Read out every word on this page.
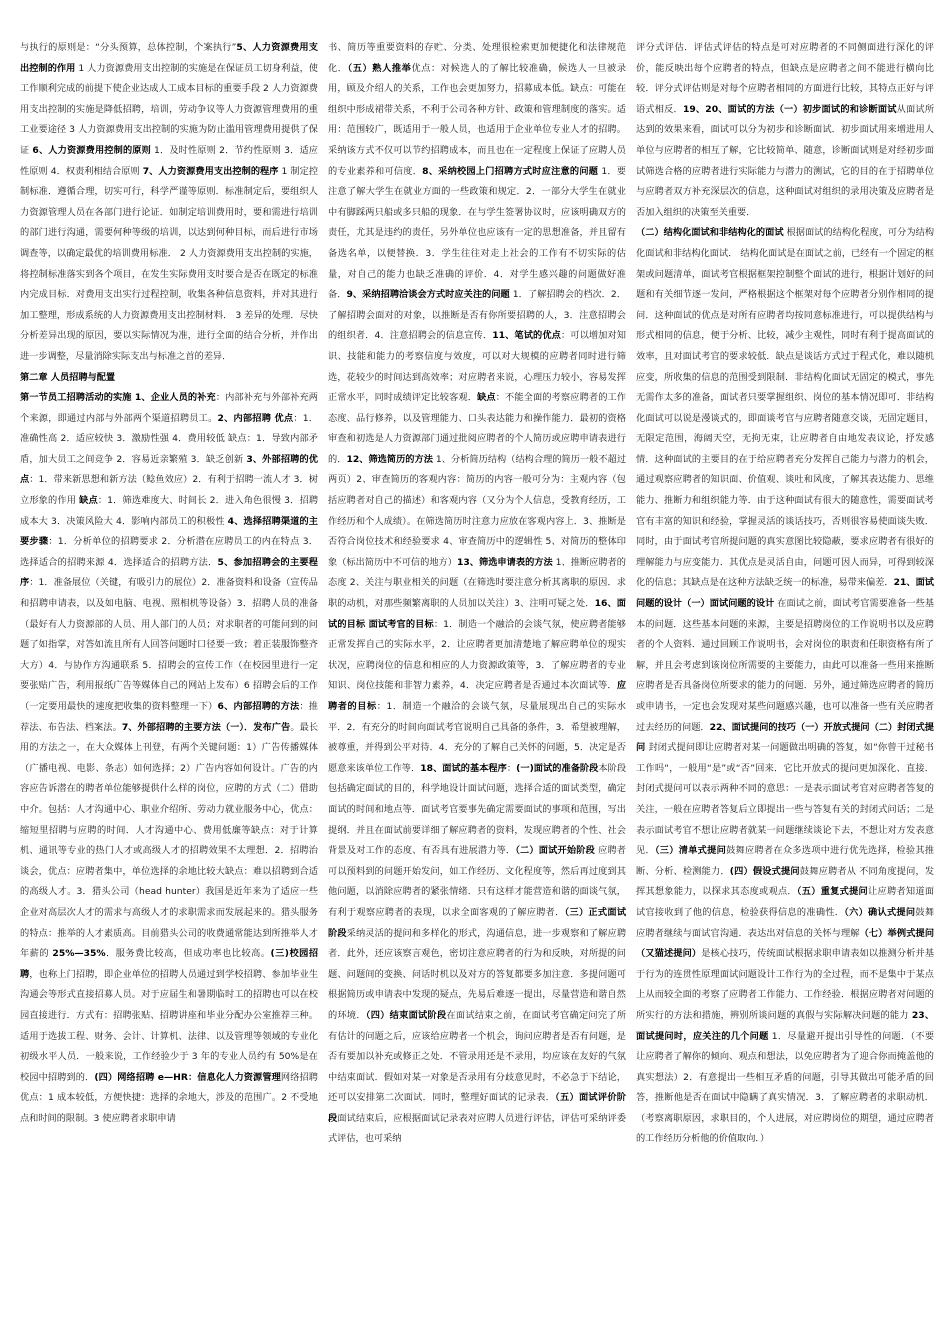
与执行的原则是：“分头预算，总体控制，个案执行”5、人力资源费用支出控制的作用 1 人力资源费用支出控制的实施是在保证员工切身利益，使工作顺利完成的前提下使企业达成人工成本目标的重要手段 2 人力资源费用支出控制的实施是降低招聘，培训，劳动争议等人力资源管理费用的重工业要途径 3 人力资源费用支出控制的实施为防止滥用管理费用提供了保证 6、人力资源费用控制的原则 1．及时性原则 2．节约性原则 3．适应性原则 4．权责利相结合原则 7、人力资源费用支出控制的程序 1 制定控制标准．遵循合理，切实可行，科学严谨等原则．标准制定后，要组织人力资源管理人员在各部门进行论证．如制定培训费用时，要和需进行培训的部门进行沟通，需要何种等级的培训，以达到何种目标，而后进行市场调查等，以确定最优的培训费用标准． 2 人力资源费用支出控制的实施，将控制标准落实到各个项目，在发生实际费用支时要合是否在既定的标准内完成目标．对费用支出实行过程控制，收集各种信息资料，并对其进行加工整理，形成系统的人力资源费用支出控制材料． 3 差异的处理．尽快分析差异出现的原因，要以实际情况为准，进行全面的结合分析，并作出进一步调整，尽量消除实际支出与标准之首的差异．

第二章 人员招聘与配置

第一节员工招聘活动的实施 1、企业人员的补充：内部补充与外部补充两个来源，即通过内部与外部两个渠道招聘员工。2、内部招聘 优点：1．准确性高 2．适应较快 3．激励性强 4．费用较低 缺点：1．导致内部矛盾，加大员工之间竞争 2．容易近亲繁殖 3．缺乏创新 3、外部招聘的优点：1．带来新思想和新方法（鲶鱼效应）2．有利于招聘一流人才 3．树立形象的作用 缺点：1．筛选难度大、时间长 2．进入角色很慢 3．招聘成本大 3．决策风险大 4．影响内部员工的积极性 4、选择招聘渠道的主要步骤：1．分析单位的招聘要求 2．分析潜在应聘员工的内在特点 3．选择适合的招聘来源 4．选择适合的招聘方法．5、参加招聘会的主要程序：1．准备展位（关键，有吸引力的展位）2．准备资料和设备（宣传品和招聘申请表，以及如电脑、电视、照相机等设备）3．招聘人员的准备（最好有人力资源部的人员、用人部门的人员；对求职者的可能问到的问题了如指掌，对答如流且所有人回答问题时口径要一致；着正装服饰整齐大方）4．与协作方沟通联系 5．招聘会的宣传工作（在校园里进行一定要张贴广告，利用报纸广告等媒体自己的网站上发布）6 招聘会后的工作（一定要用最快的速度把收集的资料整理一下）6、内部招聘的方法：推荐法、布告法、档案法。7、外部招聘的主要方法（一）．发布广告。最长用的方法之一，在大众媒体上刊登，有两个关键问题：1）广告传播媒体（广播电视、电影、条志）如何选择；2）广告内容如何设计。广告的内容应告诉潜在的聘者单位能够提供什么样的岗位，应聘的方式（二）借助中介。包括：人才沟通中心、职业介绍所、劳动力就业服务中心，优点：缩短里招聘与应聘的时间．人才沟通中心、费用低廉等缺点：对于计算机、通讯等专业的热门人才或高级人才的招聘效果不太理想．2．招聘治谈会，优点：应聘者集中，单位选择的余地比较大缺点：难以招聘到合适的高级人才。3．猎头公司（head hunter）我国是近年来为了适应一些企业对高层次人才的需求与高级人才的求职需求而发展起来的。猎头服务的特点：推举的人才素质高。目前猎头公司的收费通常能达到所推举人才年薪的 25%—35%．服务费比较高，但成功率也比较高。(三)校园招聘，也称上门招聘，即企业单位的招聘人员通过到学校招聘、参加毕业生沟通会等形式直接招募人员。对于应届生和暑期临时工的招聘也可以在校园直接进行．方式有：招聘张贴、招聘讲座和毕业分配办公室推荐三种。适用于选拔工程、财务、会计、计算机、法律、以及管理等领域的专业化初级水平人员．一般来说，工作经验少于 3 年的专业人员约有 50%是在校园中招聘到的．(四）网络招聘 e—HR：信息化人力资源管理网络招聘优点：1 成本较低，方便快捷：选择的余地大，涉及的范围广。2 不受地点和时间的限制。3 使应聘者求职申请

书、简历等重要资料的存贮、分类、处理很检索更加便捷化和法律规范化．（五）熟人推举优点：对候选人的了解比较准确，候选人一旦被录用，顾及介绍人的关系，工作也会更加努力，招募成本低。缺点：可能在组织中形成裙带关系，不利于公司各种方针、政策和管理制度的落实。适用：范围较广，既适用于一般人员，也适用于企业单位专业人才的招聘。采纳该方式不仅可以节约招聘成本，而且也在一定程度上保证了应聘人员的专业素养和可信度．8、采纳校园上门招聘方式时应注意的问题 1．要注意了解大学生在就业方面的一些政策和规定．2．一部分大学生在就业中有脚踩两只船或多只船的现象．在与学生签署协议时，应该明确双方的责任，尤其是违约的责任，另外单位也应该有一定的思想准备，并且留有备选名单，以便替换．3．学生往往对走上社会的工作有不切实际的估量，对自己的能力也缺乏准确的评价．4．对学生感兴趣的问题做好准备．9、采纳招聘洽谈会方式时应关注的问题 1．了解招聘会的档次．2．了解招聘会面对的对象，以推断是否有你所要招聘的人，3．注意招聘会的组织者．4．注意招聘会的信息宣传．11、笔试的优点：可以增加对知识、技能和能力的考察信度与效度，可以对大规模的应聘者同时进行筛选，花较少的时间达到高效率；对应聘者来说，心理压力较小，容易发挥正常水平，同时成绩评定比较客观．缺点：不能全面的考察应聘者的工作态度、品行修养，以及管理能力、口头表达能力和操作能力．最初的资格审查和初选是人力资源部门通过批阅应聘者的个人简历或应聘申请表进行的．12、筛选简历的方法 1、分析简历结构（结构合理的简历一般不超过两页）2、审查简历的客观内容：简历的内容一般可分为：主观内容（包括应聘者对自己的描述）和客观内容（又分为个人信息，受教育经历，工作经历和个人成绩）。在筛选简历时注意力应放在客观内容上．3、推断是否符合岗位技术和经验要求 4、审查简历中的逻辑性 5、对简历的整体印象（标出简历中不可信的地方）13、筛选申请表的方法 1、推断应聘者的态度 2、关注与职业相关的问题（在筛选时要注意分析其离职的原因．求职的动机，对那些频繁离职的人员加以关注）3、注明可疑之处．16、面试的目标 面试考官的目标：1．制造一个融洽的会谈气氛，使应聘者能够正常发挥自己的实际水平，2．让应聘者更加清楚地了解应聘单位的现实状况，应聘岗位的信息和相应的人力资源政策等，3．了解应聘者的专业知识、岗位技能和非智力素养，4．决定应聘者是否通过本次面试等．应聘者的目标：1．制造一个融洽的会谈气氛，尽量展现出自己的实际水平．2．有充分的时间向面试考官说明自己具备的条件，3．希望被理解，被尊重，并得到公平对待．4．充分的了解自己关怀的问题，5．决定是否愿意来该单位工作等．18、面试的基本程序：(一)面试的准备阶段本阶段包括确定面试的目的，科学地设计面试问题，选择合适的面试类型，确定面试的时间和地点等．面试考官要事先确定需要面试的事项和范围，写出提纲．并且在面试前要详细了解应聘者的资料，发现应聘者的个性、社会背景及对工作的态度、有否具有进展潜力等．（二）面试开始阶段 应聘者可以预料到的问题开始发问，如工作经历、文化程度等，然后再过度到其他问题，以消除应聘者的紧张情绪．只有这样才能营造和谐的面谈气氛，有利于观察应聘者的表现，以求全面客观的了解应聘者．（三）正式面试阶段采纳灵活的提问和多样化的形式，沟通信息，进一步观察和了解应聘者．此外，还应该察言观色，密切注意应聘者的行为和反映，对所提的问题、问题间的变换、问话时机以及对方的答复都要多加注意．多提问题可根据简历或申请表中发现的疑点，先易后难逐一提出，尽量营造和谐自然的环境．（四）结束面试阶段在面试结束之前，在面试考官确定问完了所有估计的问题之后，应该给应聘者一个机会，询问应聘者是否有问题，是否有要加以补充或修正之处．不管录用还是不录用，均应该在友好的气氛中结束面试．假如对某一对象是否录用有分歧意见时，不必急于下结论，还可以安排第二次面试．同时，整理好面试的记录表．（五）面试评价阶段面试结束后，应根据面试记录表对应聘人员进行评估，评估可采纳评委式评估，也可采纳

评分式评估．评估式评估的特点是可对应聘者的不同侧面进行深化的评价，能反映出每个应聘者的特点，但缺点是应聘者之间不能进行横向比较．评分式评估则是对每个应聘者相同的方面进行比较，其特点正好与评语式相反．19、20、面试的方法（一）初步面试的和诊断面试从面试所达到的效果来看，面试可以分为初步和诊断面试．初步面试用来增进用人单位与应聘者的相互了解，它比较简单、随意，诊断面试则是对经初步面试筛选合格的应聘者进行实际能力与潜力的测试，它的目的在于招聘单位与应聘者双方补充深层次的信息，这种面试对组织的录用决策及应聘者是否加入组织的决策至关重要．

（二）结构化面试和非结构化的面试 根据面试的结构化程度，可分为结构化面试和非结构化面试． 结构化面试是在面试之前，已经有一个固定的框架或问题清单，面试考官根据框架控制整个面试的进行，根据计划好的问题和有关细节逐一发问，严格根据这个框架对每个应聘者分别作相同的提问．这种面试的优点是对所有应聘者均按同意标准进行，可以提供结构与形式相同的信息，便于分析、比较，减少主观性，同时有利于提高面试的效率，且对面试考官的要求较低．缺点是谈话方式过于程式化，难以随机应变，所收集的信息的范围受到限制．非结构化面试无固定的模式，事先无需作太多的准备，面试者只要掌握组织、岗位的基本情况即可．非结构化面试可以说是漫谈式的，即面谈考官与应聘者随意交谈，无固定题目，无限定范围，海阔天空，无拘无束，让应聘者自由地发表议论，抒发感情．这种面试的主要目的在于给应聘者充分发挥自己能力与潜力的机会，通过观察应聘者的知识面、价值观、谈吐和风度，了解其表达能力、思维能力、推断力和组织能力等．由于这种面试有很大的随意性，需要面试考官有丰富的知识和经验，掌握灵活的谈话技巧，否则很容易使面谈失败．同时，由于面试考官所提问题的真实意图比较隐蔽，要求应聘者有很好的理解能力与应变能力．其优点是灵活自由，问题可因人而异，可得到较深化的信息；其缺点是在这种方法缺乏统一的标准，易带来偏差．21、面试问题的设计（一）面试问题的设计 在面试之前，面试考官需要准备一些基本的问题．这些基本问题的来源，主要是招聘岗位的工作说明书以及应聘者的个人资料．通过回顾工作说明书，会对岗位的职责和任职资格有所了解，并且会考虑到该岗位所需要的主要能力，由此可以准备一些用来推断应聘者是否具备岗位所要求的能力的问题．另外，通过筛选应聘者的简历或申请书，一定也会发现对某些问题感兴趣，也可以准备一些有关应聘者过去经历的问题．22、面试提问的技巧（一）开放式提问（二）封闭式提问 封闭式提问即让应聘者对某一问题做出明确的答复，如“你曾干过秘书工作吗“，一般用“是”或“否”回来．它比开放式的提问更加深化、直接．封闭式提问可以表示两种不同的意思：一是表示面试考官对应聘者答复的关注，一般在应聘者答复后立即提出一些与答复有关的封闭式问话；二是表示面试考官不想让应聘者就某一问题继续谈论下去，不想让对方发表意见．（三）清单式提问鼓舞应聘者在众多选项中进行优先选择，检验其推断、分析、检测能力．(四）假设式提问鼓舞应聘者从 不同角度提问，发挥其想象能力，以探求其态度或观点．（五）重复式提问让应聘者知道面试官接收到了他的信息，检验获得信息的准确性．（六）确认式提问鼓舞应聘者继续与面试官沟通．表达出对信息的关怀与理解（七）举例式提问（又猫述提问）是核心技巧，传统面试根据求职申请表如以推测分析并基于行为的连贯性原理面试问题设计工作行为的全过程，而不是集中于某点上从而较全面的考察了应聘者工作能力、工作经验．根据应聘者对问题的所实行的方法和措施，辨别所谈问题的真假与实际解决问题的能力 23、面试提问时，应关注的几个问题 1．尽量避开提出引导性的问题．（不要让应聘者了解你的倾向、观点和想法，以免应聘者为了迎合你而掩盖他的真实想法）2．有意提出一些相互矛盾的问题，引导其做出可能矛盾的回答，推断他是否在面试中隐瞒了真实情况．3．了解应聘者的求职动机．（考察离职原因，求职目的，个人进展，对应聘岗位的期望，通过应聘者的工作经历分析他的价值取向．）
